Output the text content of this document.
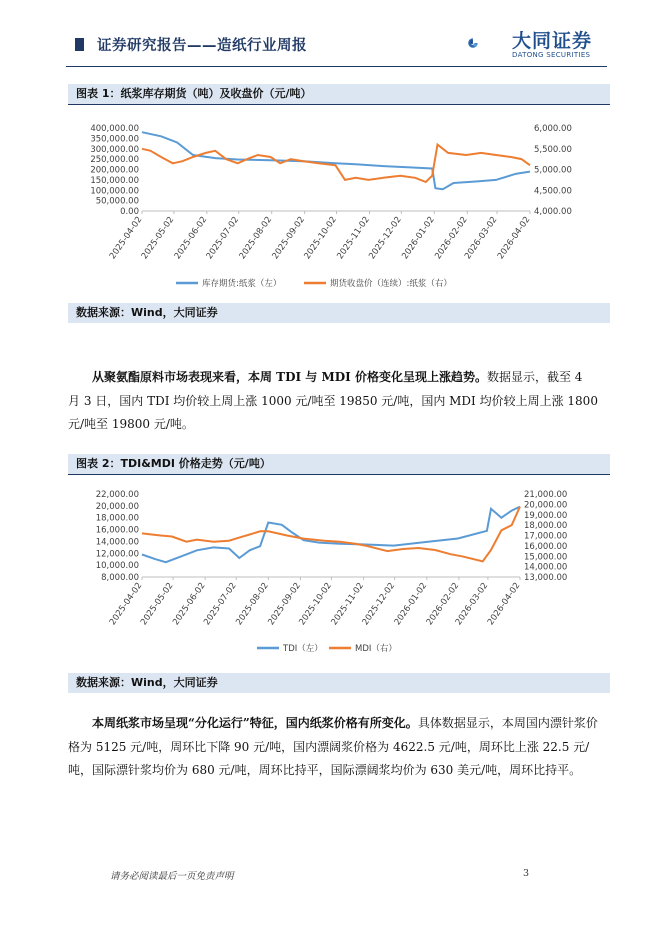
证券研究报告——造纸行业周报	大同证券
DATONG SECURITIES
图表 1：纸浆库存期货（吨）及收盘价（元/吨）
400,000.00
350,000.00
300,000.00
250,000.00
200,000.00
150,000.00
100,000.00
50,000.00
0.00
6,000.00
5,500.00
5,000.00
4,500.00
4,000.00
2025-04-02
2025-05-02
2025-06-02
2025-07-02
2025-08-02
2025-09-02
2025-10-02
2025-11-02
2025-12-02
2026-01-02
2026-02-02
2026-03-02
2026-04-02
库存期货:纸浆（左）	期货收盘价（连续）:纸浆（右）
数据来源：Wind，大同证券
从聚氨酯原料市场表现来看，本周 TDI 与 MDI 价格变化呈现上涨趋势。数据显示，截至 4 月 3 日，国内 TDI 均价较上周上涨 1000 元/吨至 19850 元/吨，国内 MDI 均价较上周上涨 1800 元/吨至 19800 元/吨。
图表 2：TDI&MDI 价格走势（元/吨）
22,000.00
20,000.00
18,000.00
16,000.00
14,000.00
12,000.00
10,000.00
8,000.00
21,000.00
20,000.00
19,000.00
18,000.00
17,000.00
16,000.00
15,000.00
14,000.00
13,000.00
2025-04-02
2025-05-02
2025-06-02
2025-07-02
2025-08-02
2025-09-02
2025-10-02
2025-11-02
2025-12-02
2026-01-02
2026-02-02
2026-03-02
2026-04-02
TDI（左）	MDI（右）
数据来源：Wind，大同证券
本周纸浆市场呈现“分化运行”特征，国内纸浆价格有所变化。具体数据显示，本周国内漂针浆价格为 5125 元/吨，周环比下降 90 元/吨，国内漂阔浆价格为 4622.5 元/吨，周环比上涨 22.5 元/吨，国际漂针浆均价为 680 元/吨，周环比持平，国际漂阔浆均价为 630 美元/吨，周环比持平。
请务必阅读最后一页免责声明	3
